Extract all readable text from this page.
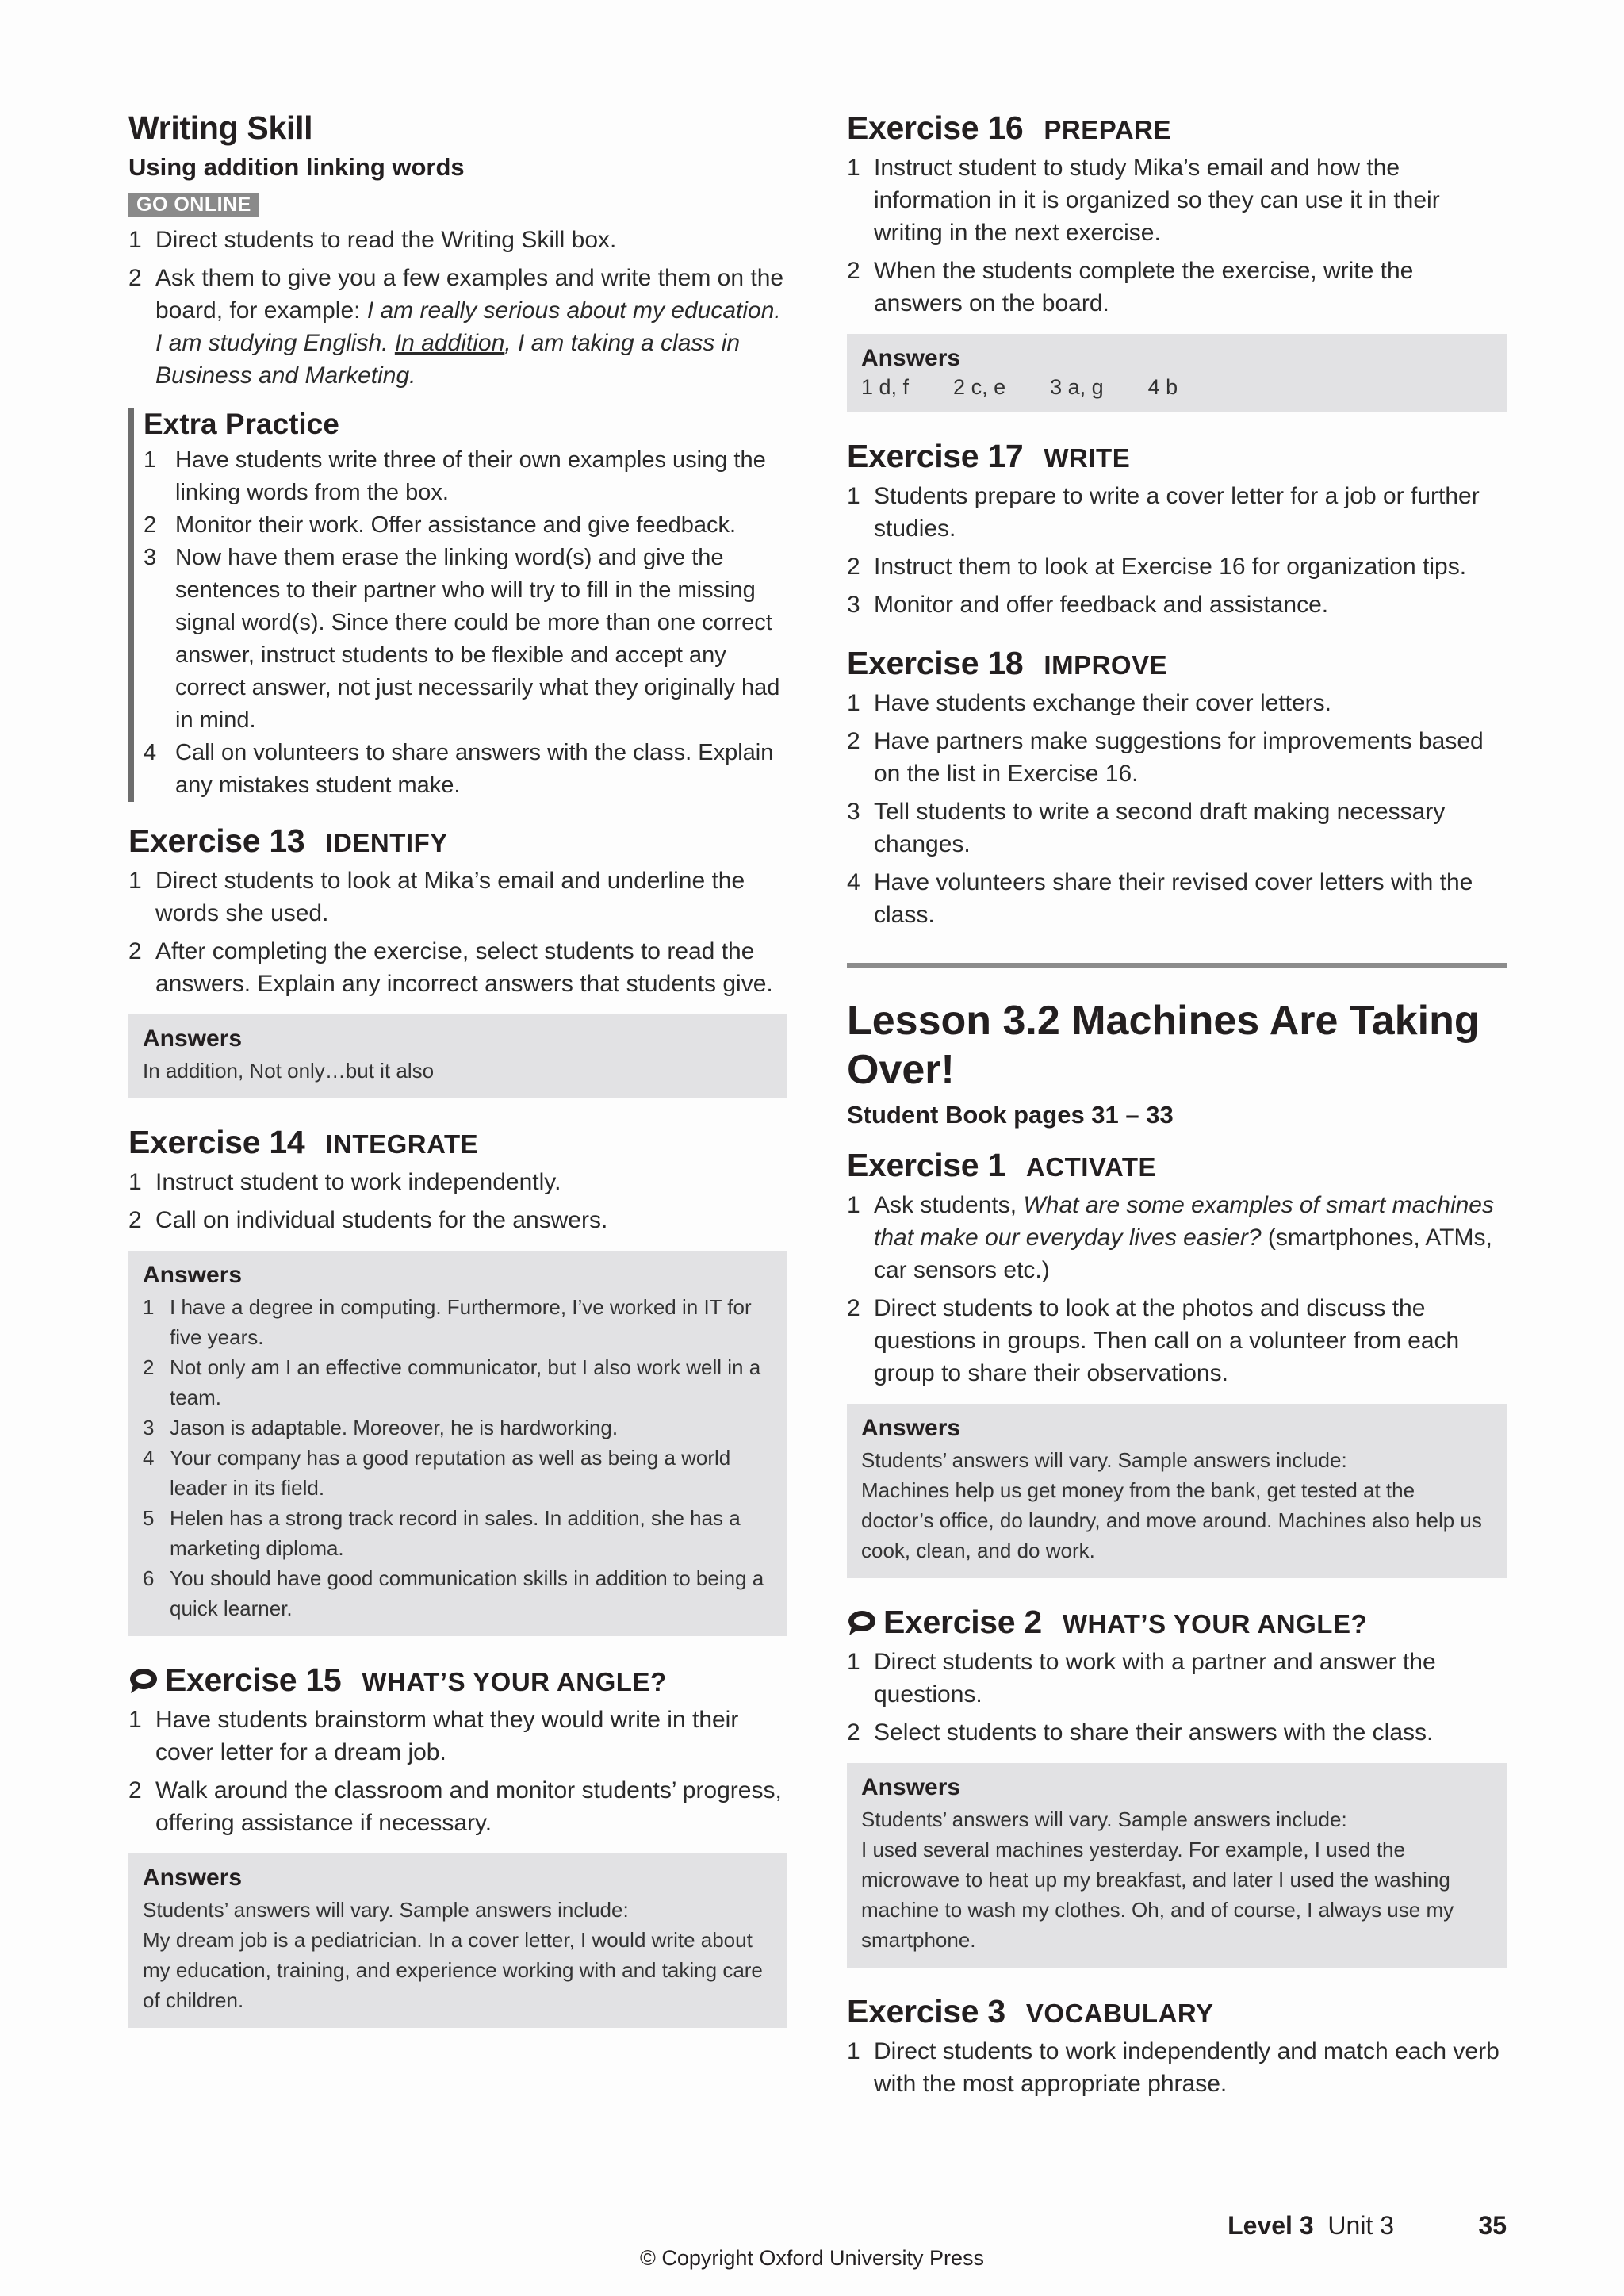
Writing Skill
Using addition linking words
GO ONLINE
1 Direct students to read the Writing Skill box.
2 Ask them to give you a few examples and write them on the board, for example: I am really serious about my education. I am studying English. In addition, I am taking a class in Business and Marketing.
Extra Practice
1 Have students write three of their own examples using the linking words from the box.
2 Monitor their work. Offer assistance and give feedback.
3 Now have them erase the linking word(s) and give the sentences to their partner who will try to fill in the missing signal word(s). Since there could be more than one correct answer, instruct students to be flexible and accept any correct answer, not just necessarily what they originally had in mind.
4 Call on volunteers to share answers with the class. Explain any mistakes student make.
Exercise 13 IDENTIFY
1 Direct students to look at Mika’s email and underline the words she used.
2 After completing the exercise, select students to read the answers. Explain any incorrect answers that students give.
Answers
In addition, Not only…but it also
Exercise 14 INTEGRATE
1 Instruct student to work independently.
2 Call on individual students for the answers.
Answers
1 I have a degree in computing. Furthermore, I’ve worked in IT for five years.
2 Not only am I an effective communicator, but I also work well in a team.
3 Jason is adaptable. Moreover, he is hardworking.
4 Your company has a good reputation as well as being a world leader in its field.
5 Helen has a strong track record in sales. In addition, she has a marketing diploma.
6 You should have good communication skills in addition to being a quick learner.
Exercise 15 WHAT’S YOUR ANGLE?
1 Have students brainstorm what they would write in their cover letter for a dream job.
2 Walk around the classroom and monitor students’ progress, offering assistance if necessary.
Answers
Students’ answers will vary. Sample answers include:
My dream job is a pediatrician. In a cover letter, I would write about my education, training, and experience working with and taking care of children.
Exercise 16 PREPARE
1 Instruct student to study Mika’s email and how the information in it is organized so they can use it in their writing in the next exercise.
2 When the students complete the exercise, write the answers on the board.
Answers
1 d, f 2 c, e 3 a, g 4 b
Exercise 17 WRITE
1 Students prepare to write a cover letter for a job or further studies.
2 Instruct them to look at Exercise 16 for organization tips.
3 Monitor and offer feedback and assistance.
Exercise 18 IMPROVE
1 Have students exchange their cover letters.
2 Have partners make suggestions for improvements based on the list in Exercise 16.
3 Tell students to write a second draft making necessary changes.
4 Have volunteers share their revised cover letters with the class.
Lesson 3.2 Machines Are Taking Over!
Student Book pages 31 – 33
Exercise 1 ACTIVATE
1 Ask students, What are some examples of smart machines that make our everyday lives easier? (smartphones, ATMs, car sensors etc.)
2 Direct students to look at the photos and discuss the questions in groups. Then call on a volunteer from each group to share their observations.
Answers
Students’ answers will vary. Sample answers include:
Machines help us get money from the bank, get tested at the doctor’s office, do laundry, and move around. Machines also help us cook, clean, and do work.
Exercise 2 WHAT’S YOUR ANGLE?
1 Direct students to work with a partner and answer the questions.
2 Select students to share their answers with the class.
Answers
Students’ answers will vary. Sample answers include:
I used several machines yesterday. For example, I used the microwave to heat up my breakfast, and later I used the washing machine to wash my clothes. Oh, and of course, I always use my smartphone.
Exercise 3 VOCABULARY
1 Direct students to work independently and match each verb with the most appropriate phrase.
Level 3 Unit 3	35
© Copyright Oxford University Press
